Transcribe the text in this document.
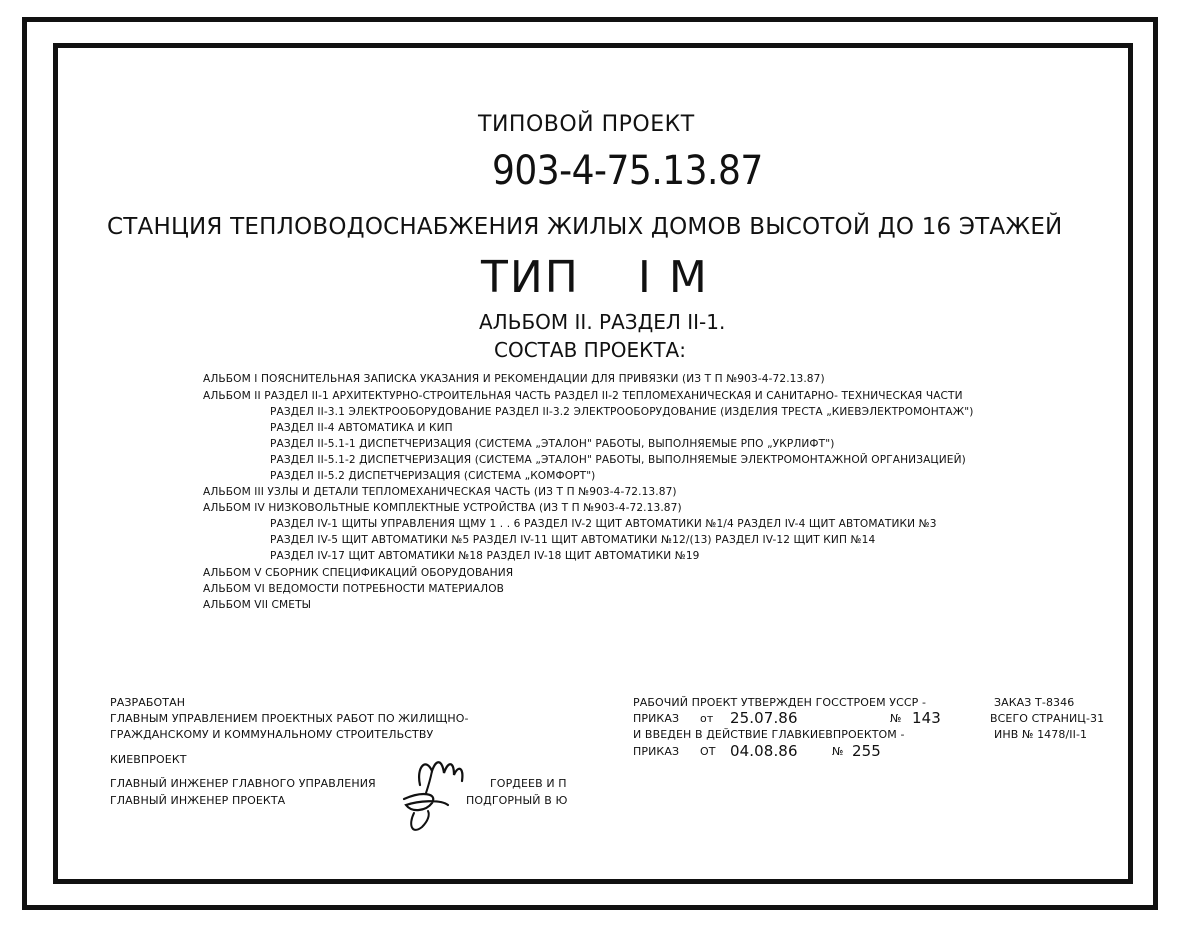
ТИПОВОЙ ПРОЕКТ
903-4-75.13.87
СТАНЦИЯ ТЕПЛОВОДОСНАБЖЕНИЯ ЖИЛЫХ ДОМОВ ВЫСОТОЙ ДО 16 ЭТАЖЕЙ
ТИП I М
АЛЬБОМ II. РАЗДЕЛ II-1.
СОСТАВ ПРОЕКТА:
АЛЬБОМ I ПОЯСНИТЕЛЬНАЯ ЗАПИСКА УКАЗАНИЯ И РЕКОМЕНДАЦИИ ДЛЯ ПРИВЯЗКИ (ИЗ Т П №903-4-72.13.87)
АЛЬБОМ II РАЗДЕЛ II-1 АРХИТЕКТУРНО-СТРОИТЕЛЬНАЯ ЧАСТЬ РАЗДЕЛ II-2 ТЕПЛОМЕХАНИЧЕСКАЯ И САНИТАРНО- ТЕХНИЧЕСКАЯ ЧАСТИ
РАЗДЕЛ II-3.1 ЭЛЕКТРООБОРУДОВАНИЕ РАЗДЕЛ II-3.2 ЭЛЕКТРООБОРУДОВАНИЕ (ИЗДЕЛИЯ ТРЕСТА „КИЕВЭЛЕКТРОМОНТАЖ")
РАЗДЕЛ II-4 АВТОМАТИКА И КИП
РАЗДЕЛ II-5.1-1 ДИСПЕТЧЕРИЗАЦИЯ (СИСТЕМА „ЭТАЛОН" РАБОТЫ, ВЫПОЛНЯЕМЫЕ РПО „УКРЛИФТ")
РАЗДЕЛ II-5.1-2 ДИСПЕТЧЕРИЗАЦИЯ (СИСТЕМА „ЭТАЛОН" РАБОТЫ, ВЫПОЛНЯЕМЫЕ ЭЛЕКТРОМОНТАЖНОЙ ОРГАНИЗАЦИЕЙ)
РАЗДЕЛ II-5.2 ДИСПЕТЧЕРИЗАЦИЯ (СИСТЕМА „КОМФОРТ")
АЛЬБОМ III УЗЛЫ И ДЕТАЛИ ТЕПЛОМЕХАНИЧЕСКАЯ ЧАСТЬ (ИЗ Т П №903-4-72.13.87)
АЛЬБОМ IV НИЗКОВОЛЬТНЫЕ КОМПЛЕКТНЫЕ УСТРОЙСТВА (ИЗ Т П №903-4-72.13.87)
РАЗДЕЛ IV-1 ЩИТЫ УПРАВЛЕНИЯ ЩМУ 1 . . 6 РАЗДЕЛ IV-2 ЩИТ АВТОМАТИКИ №1/4 РАЗДЕЛ IV-4 ЩИТ АВТОМАТИКИ №3
РАЗДЕЛ IV-5 ЩИТ АВТОМАТИКИ №5 РАЗДЕЛ IV-11 ЩИТ АВТОМАТИКИ №12/(13) РАЗДЕЛ IV-12 ЩИТ КИП №14
РАЗДЕЛ IV-17 ЩИТ АВТОМАТИКИ №18 РАЗДЕЛ IV-18 ЩИТ АВТОМАТИКИ №19
АЛЬБОМ V СБОРНИК СПЕЦИФИКАЦИЙ ОБОРУДОВАНИЯ
АЛЬБОМ VI ВЕДОМОСТИ ПОТРЕБНОСТИ МАТЕРИАЛОВ
АЛЬБОМ VII СМЕТЫ
РАЗРАБОТАН
ГЛАВНЫМ УПРАВЛЕНИЕМ ПРОЕКТНЫХ РАБОТ ПО ЖИЛИЩНО-
ГРАЖДАНСКОМУ И КОММУНАЛЬНОМУ СТРОИТЕЛЬСТВУ
КИЕВПРОЕКТ
ГЛАВНЫЙ ИНЖЕНЕР ГЛАВНОГО УПРАВЛЕНИЯ	ГОРДЕЕВ И П
ГЛАВНЫЙ ИНЖЕНЕР ПРОЕКТА	ПОДГОРНЫЙ В Ю
РАБОЧИЙ ПРОЕКТ УТВЕРЖДЕН ГОССТРОЕМ УССР -
ПРИКАЗ от 25.07.86	№ 143
И ВВЕДЕН В ДЕЙСТВИЕ ГЛАВКИЕВПРОЕКТОМ -
ПРИКАЗ ОТ 04.08.86	№ 255
ЗАКАЗ Т-8346
ВСЕГО СТРАНИЦ-31
ИНВ № 1478/II-1
